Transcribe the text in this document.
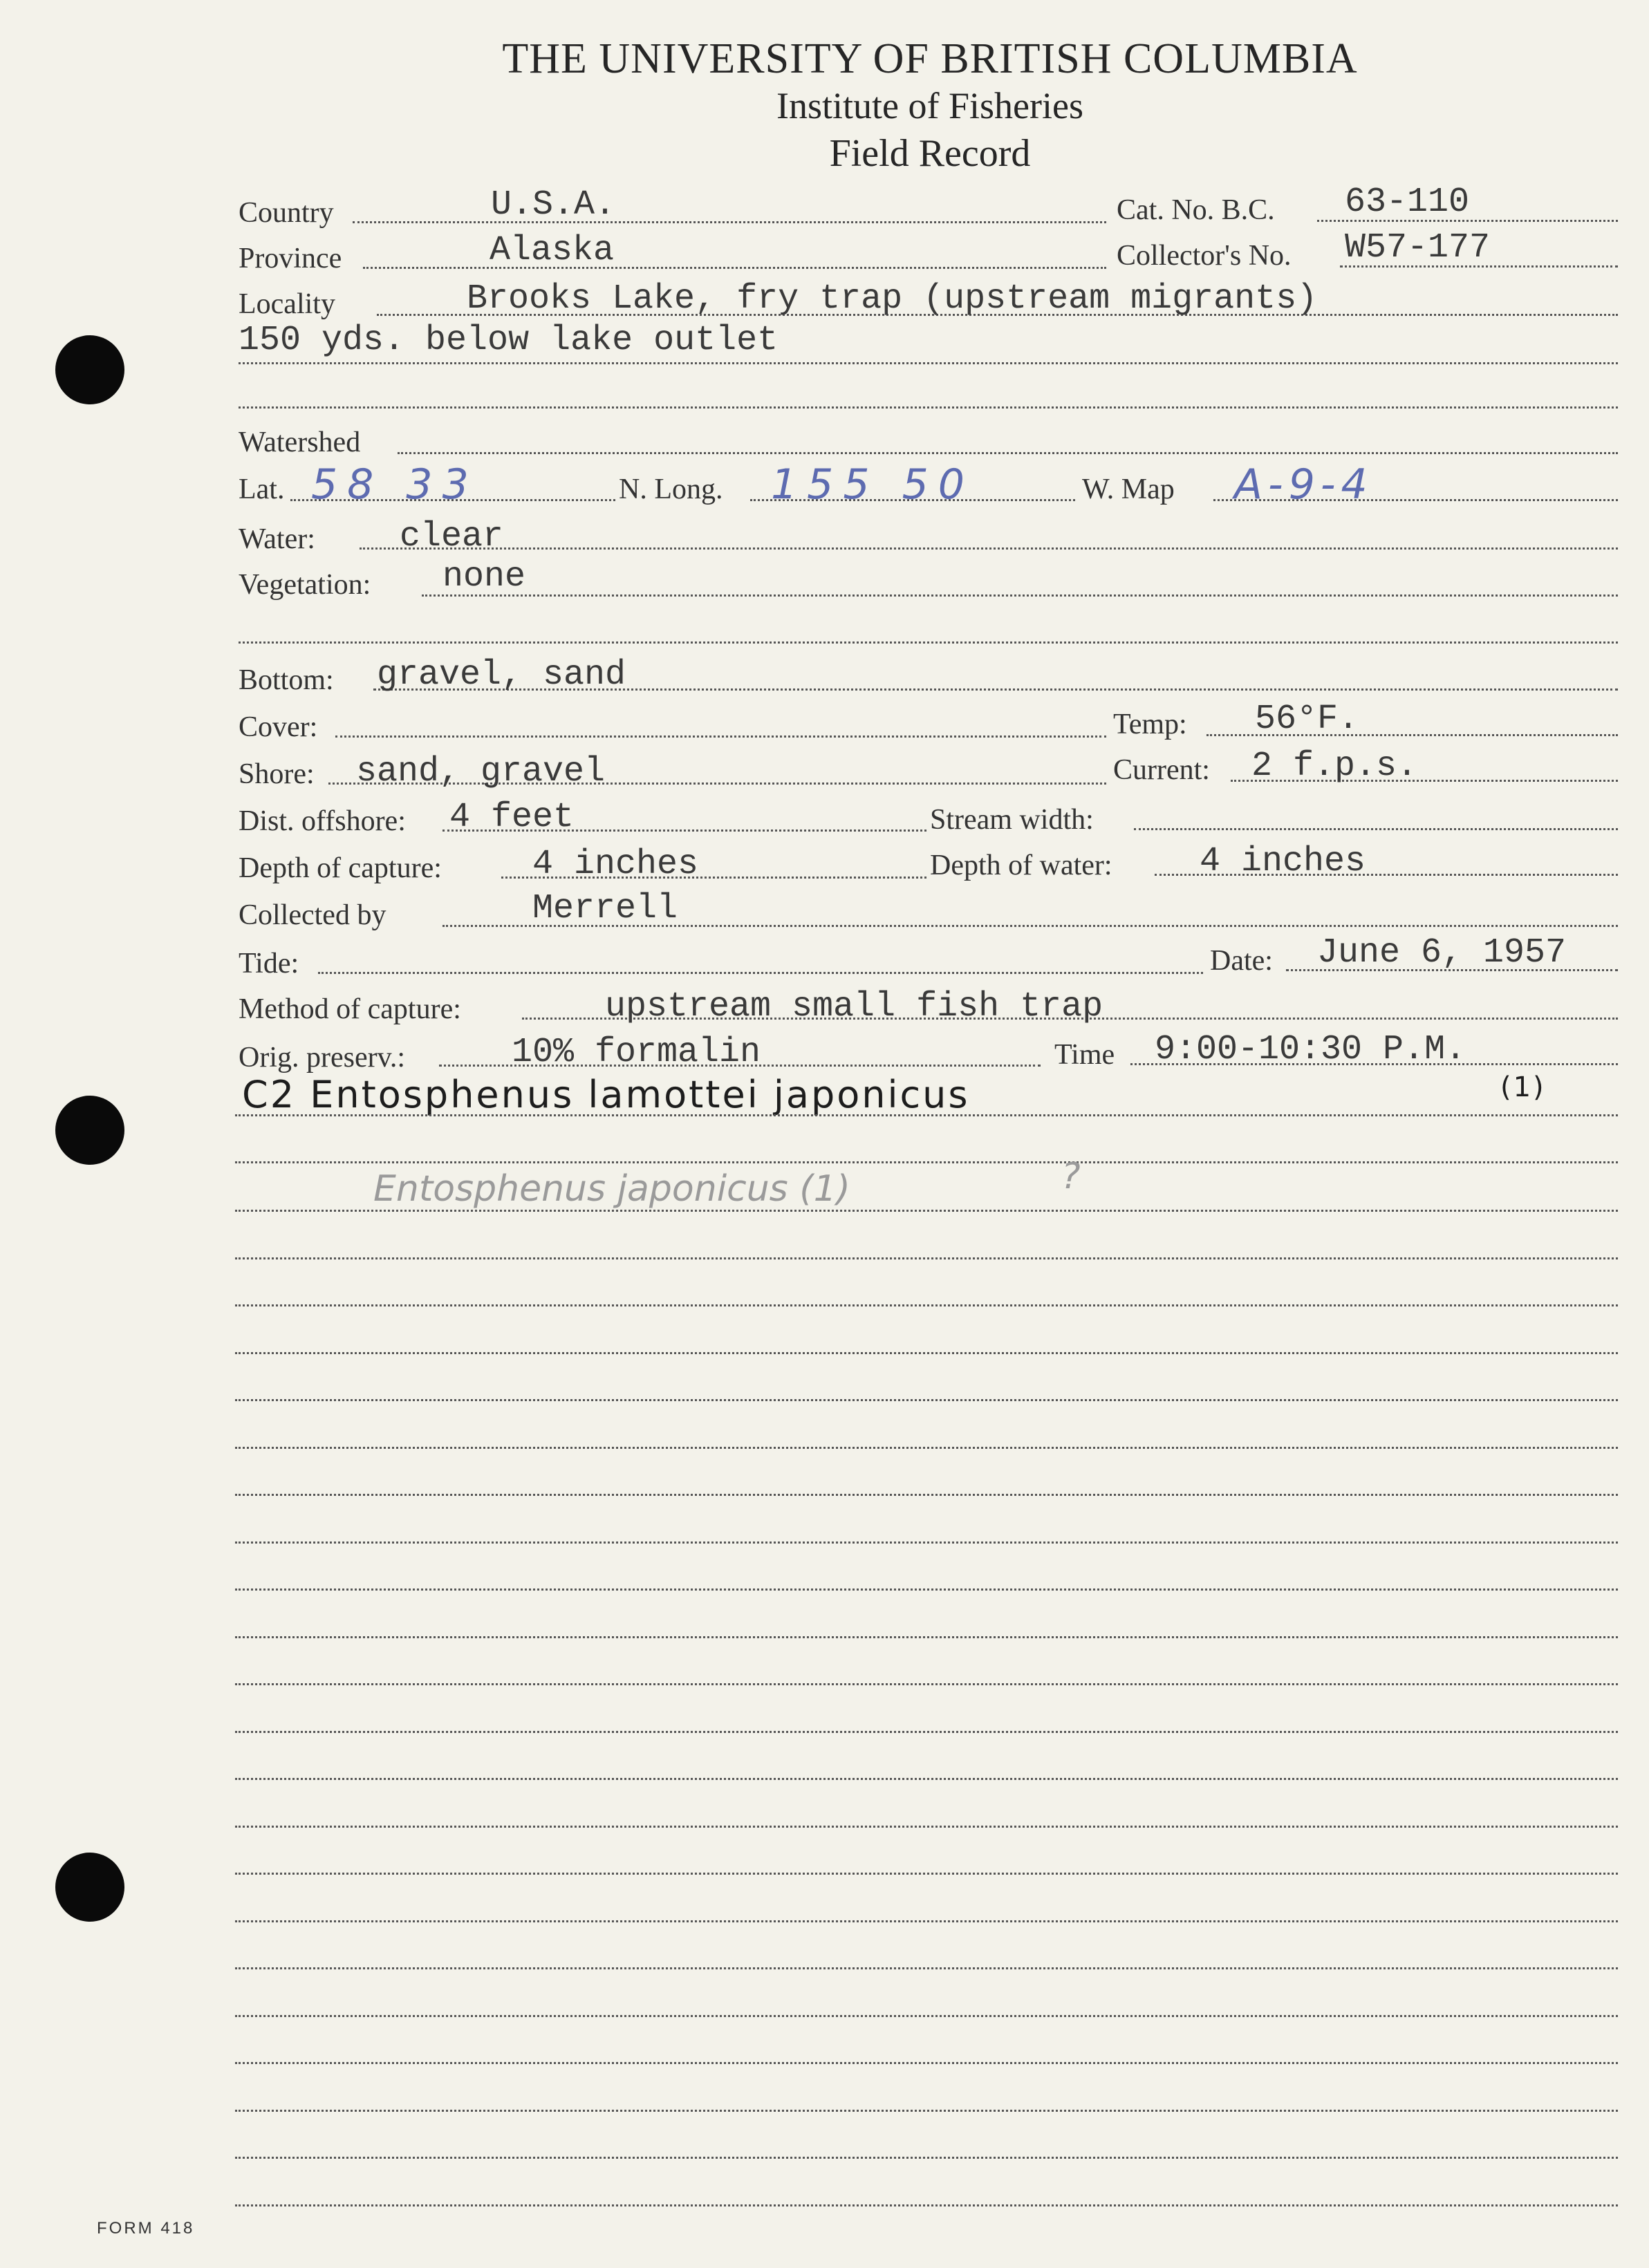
THE UNIVERSITY OF BRITISH COLUMBIA
Institute of Fisheries
Field Record
Country	U.S.A.	Cat. No. B.C. 63-110
Province	Alaska	Collector's No. W57-177
Locality	Brooks Lake, fry trap (upstream migrants)
150 yds. below lake outlet
Watershed
Lat. 58 33	N. Long. 155 50	W. Map A-9-4
Water: clear
Vegetation: none
Bottom: gravel, sand
Cover:	Temp: 56°F.
Shore: sand, gravel	Current: 2 f.p.s.
Dist. offshore: 4 feet	Stream width:
Depth of capture:	4 inches	Depth of water:	4 inches
Collected by	Merrell
Tide:	Date: June 6, 1957
Method of capture:	upstream small fish trap
Orig. preserv.:	10% formalin	Time 9:00-10:30 P.M.
C2 Entosphenus lamottei japonicus	(1)
Entosphenus japonicus (1)	?
FORM 418
